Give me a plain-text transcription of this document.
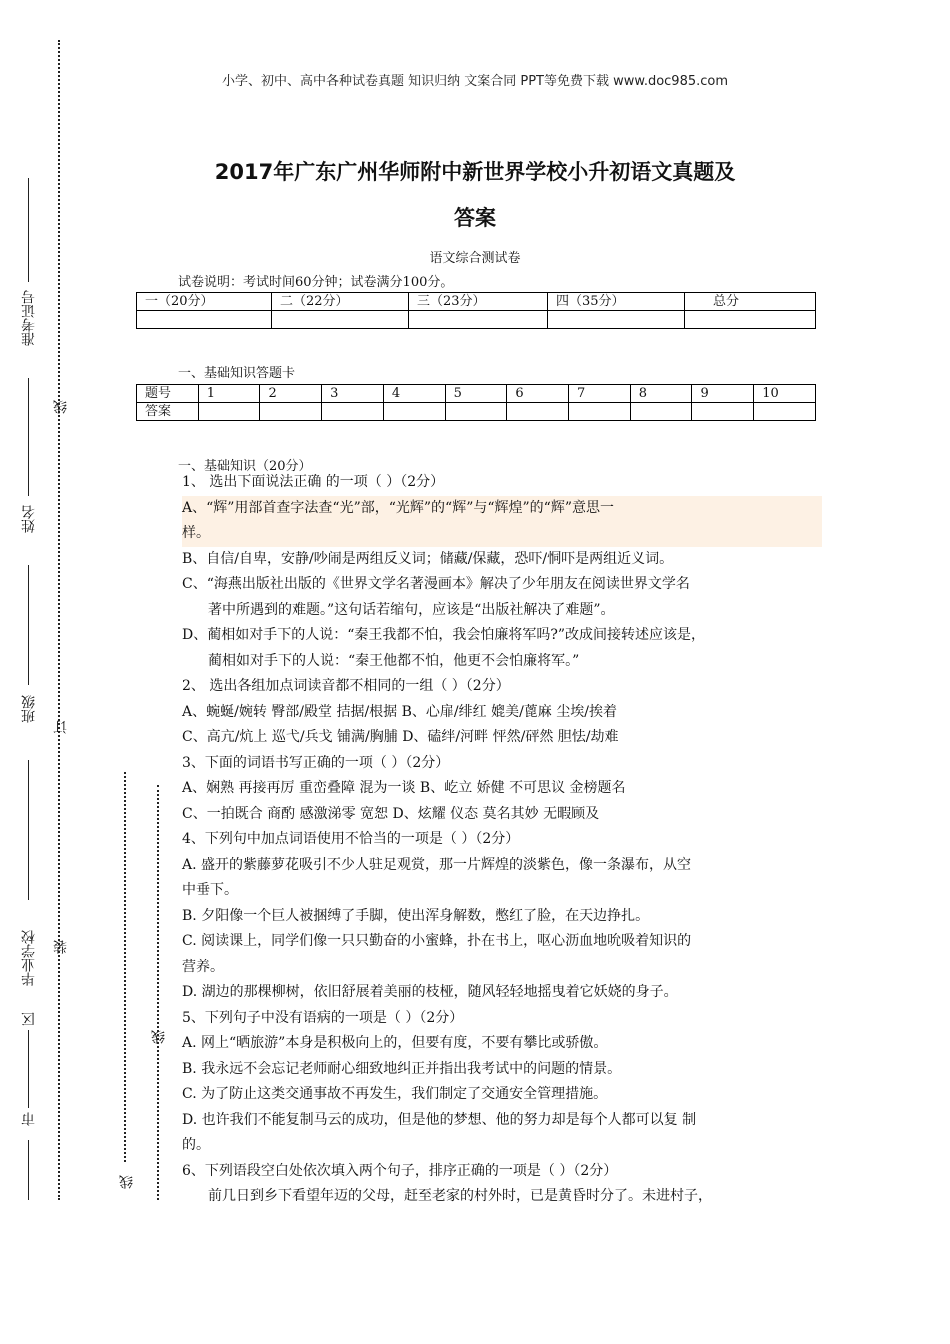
小学、初中、高中各种试卷真题 知识归纳 文案合同 PPT等免费下载 www.doc985.com
2017年广东广州华师附中新世界学校小升初语文真题及
答案
语文综合测试卷
试卷说明：考试时间60分钟；试卷满分100分。
一（20分）	二（22分）	三（23分）	四（35分）	总分

一、基础知识答题卡
题号	1	2	3	4	5	6	7	8	9	10
答案										
一、基础知识（20分）

1、 选出下面说法正确 的一项（ ）（2分）

A、“辉”用部首查字法查“光”部，“光辉”的“辉”与“辉煌”的“辉”意思一

样。

B、自信/自卑，安静/吵闹是两组反义词；储藏/保藏，恐吓/恫吓是两组近义词。

C、“海燕出版社出版的《世界文学名著漫画本》解决了少年朋友在阅读世界文学名

著中所遇到的难题。”这句话若缩句，应该是“出版社解决了难题”。

D、蔺相如对手下的人说：“秦王我都不怕，我会怕廉将军吗?”改成间接转述应该是，

蔺相如对手下的人说：“秦王他都不怕，他更不会怕廉将军。”

2、 选出各组加点词读音都不相同的一组（ ）（2分）

A、蜿蜒/婉转 臀部/殿堂 拮据/根据 B、心扉/绯红 媲美/蓖麻 尘埃/挨着

C、高亢/炕上 巡弋/兵戈 铺满/胸脯 D、磕绊/河畔 怦然/砰然 胆怯/劫难

3、下面的词语书写正确的一项（ ）（2分）

A、娴熟 再接再厉 重峦叠障 混为一谈 B、屹立 娇健 不可思议 金榜题名

C、一拍既合 商酌 感激涕零 宽恕 D、炫耀 仪态 莫名其妙 无暇顾及

4、下列句中加点词语使用不恰当的一项是（ ）（2分）

A. 盛开的紫藤萝花吸引不少人驻足观赏，那一片辉煌的淡紫色，像一条瀑布，从空

中垂下。

B. 夕阳像一个巨人被捆缚了手脚，使出浑身解数，憋红了脸，在天边挣扎。

C. 阅读课上，同学们像一只只勤奋的小蜜蜂，扑在书上，呕心沥血地吮吸着知识的

营养。

D. 湖边的那棵柳树，依旧舒展着美丽的枝桠，随风轻轻地摇曳着它妖娆的身子。

5、下列句子中没有语病的一项是（ ）（2分）

A. 网上“晒旅游”本身是积极向上的，但要有度，不要有攀比或骄傲。

B. 我永远不会忘记老师耐心细致地纠正并指出我考试中的问题的情景。

C. 为了防止这类交通事故不再发生，我们制定了交通安全管理措施。

D. 也许我们不能复制马云的成功，但是他的梦想、他的努力却是每个人都可以复 制

的。

6、下列语段空白处依次填入两个句子，排序正确的一项是（ ）（2分）

前几日到乡下看望年迈的父母，赶至老家的村外时，已是黄昏时分了。未进村子，

准考证号
姓名
班级
毕业学校
区
市
线
订
装
线
线
